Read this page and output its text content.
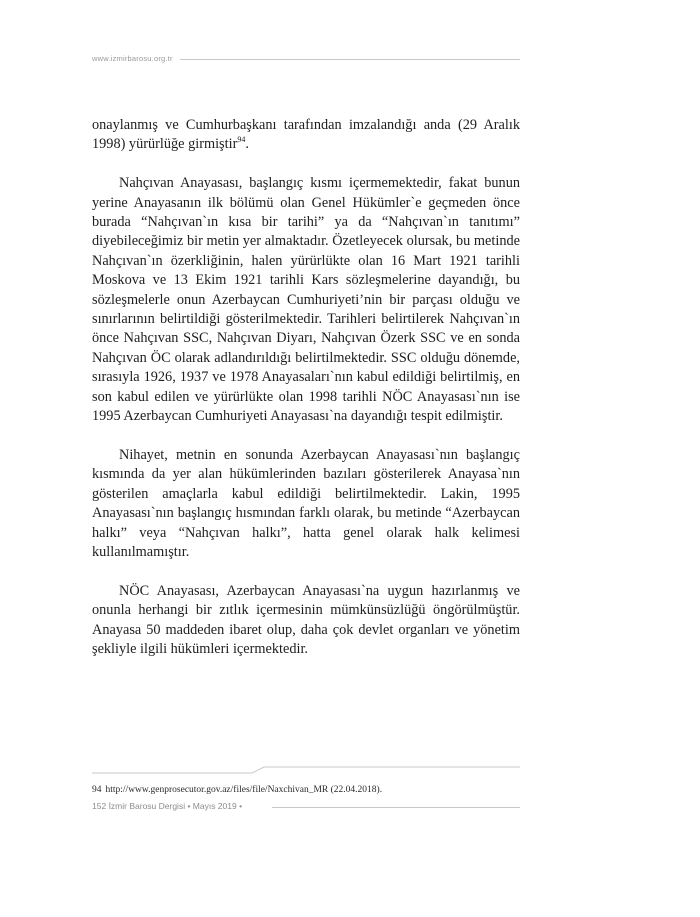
www.izmirbarosu.org.tr

onaylanmış ve Cumhurbaşkanı tarafından imzalandığı anda (29 Aralık 1998) yürürlüğe girmiştir$^{94}$.

Nahçıvan Anayasası, başlangıç kısmı içermemektedir, fakat bunun yerine Anayasanın ilk bölümü olan Genel Hükümler`e geçmeden önce burada “Nahçıvan`ın kısa bir tarihi” ya da “Nahçıvan`ın tanıtımı” diyebileceğimiz bir metin yer almaktadır. Özetleyecek olursak, bu metinde Nahçıvan`ın özerkliğinin, halen yürürlükte olan 16 Mart 1921 tarihli Moskova ve 13 Ekim 1921 tarihli Kars sözleşmelerine dayandığı, bu sözleşmelerle onun Azerbaycan Cumhuriyeti’nin bir parçası olduğu ve sınırlarının belirtildiği gösterilmektedir. Tarihleri belirtilerek Nahçıvan`ın önce Nahçıvan SSC, Nahçıvan Diyarı, Nahçıvan Özerk SSC ve en sonda Nahçıvan ÖC olarak adlandırıldığı belirtilmektedir. SSC olduğu dönemde, sırasıyla 1926, 1937 ve 1978 Anayasaları`nın kabul edildiği belirtilmiş, en son kabul edilen ve yürürlükte olan 1998 tarihli NÖC Anayasası`nın ise 1995 Azerbaycan Cumhuriyeti Anayasası`na dayandığı tespit edilmiştir.

Nihayet, metnin en sonunda Azerbaycan Anayasası`nın başlangıç kısmında da yer alan hükümlerinden bazıları gösterilerek Anayasa`nın gösterilen amaçlarla kabul edildiği belirtilmektedir. Lakin, 1995 Anayasası`nın başlangıç hısmından farklı olarak, bu metinde “Azerbaycan halkı” veya “Nahçıvan halkı”, hatta genel olarak halk kelimesi kullanılmamıştır.

NÖC Anayasası, Azerbaycan Anayasası`na uygun hazırlanmış ve onunla herhangi bir zıtlık içermesinin mümkünsüzlüğü öngörülmüştür. Anayasa 50 maddeden ibaret olup, daha çok devlet organları ve yönetim şekliyle ilgili hükümleri içermektedir.

94 http://www.genprosecutor.gov.az/files/file/Naxchivan_MR (22.04.2018).
152 İzmir Barosu Dergisi • Mayıs 2019 •
